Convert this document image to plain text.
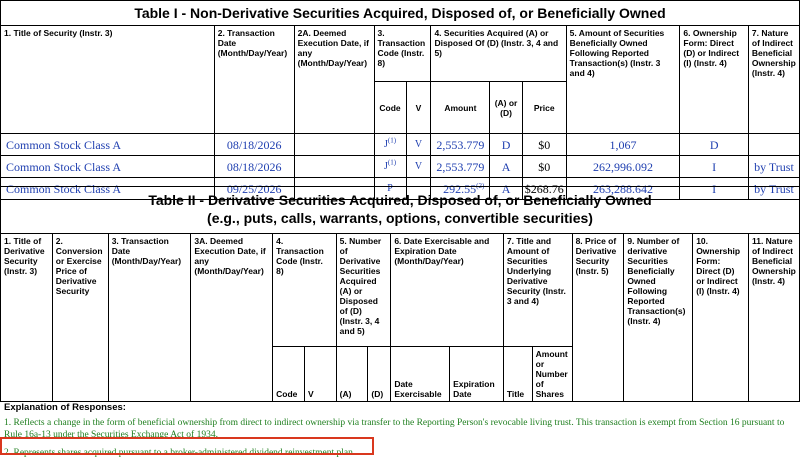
Table I - Non-Derivative Securities Acquired, Disposed of, or Beneficially Owned										
1. Title of Security (Instr. 3)	2. Transaction Date (Month/Day/Year)	2A. Deemed Execution Date, if any (Month/Day/Year)	3. Transaction Code (Instr. 8)		4. Securities Acquired (A) or Disposed Of (D) (Instr. 3, 4 and 5)			5. Amount of Securities Beneficially Owned Following Reported Transaction(s) (Instr. 3 and 4)	6. Ownership Form: Direct (D) or Indirect (I) (Instr. 4)	7. Nature of Indirect Beneficial Ownership (Instr. 4)
			Code	V	Amount	(A) or (D)	Price			
Common Stock Class A	08/18/2026		$J^{(1)}$	V	2,553.779	D	$0	1,067	D	
Common Stock Class A	08/18/2026		$J^{(1)}$	V	2,553.779	A	$0	262,996.092	I	by Trust
Common Stock Class A	09/25/2026		P		292.55$^{(2)}$	A	$268.76	263,288.642	I	by Trust
Table II - Derivative Securities Acquired, Disposed of, or Beneficially Owned
(e.g., puts, calls, warrants, options, convertible securities)															

1. Title of Derivative Security (Instr. 3)	2. Conversion or Exercise Price of Derivative Security	3. Transaction Date (Month/Day/Year)	3A. Deemed Execution Date, if any (Month/Day/Year)	4. Transaction Code (Instr. 8)		5. Number of Derivative Securities Acquired (A) or Disposed of (D) (Instr. 3, 4 and 5)		6. Date Exercisable and Expiration Date (Month/Day/Year)		7. Title and Amount of Securities Underlying Derivative Security (Instr. 3 and 4)		8. Price of Derivative Security (Instr. 5)	9. Number of derivative Securities Beneficially Owned Following Reported Transaction(s) (Instr. 4)	10. Ownership Form: Direct (D) or Indirect (I) (Instr. 4)	11. Nature of Indirect Beneficial Ownership (Instr. 4)
				Code	V	(A)	(D)	Date Exercisable	Expiration Date	Title	Amount or Number of Shares				
Explanation of Responses:
1. Reflects a change in the form of beneficial ownership from direct to indirect ownership via transfer to the Reporting Person's revocable living trust. This transaction is exempt from Section 16 pursuant to Rule 16a-13 under the Securities Exchange Act of 1934.
2. Represents shares acquired pursuant to a broker-administered dividend reinvestment plan.
